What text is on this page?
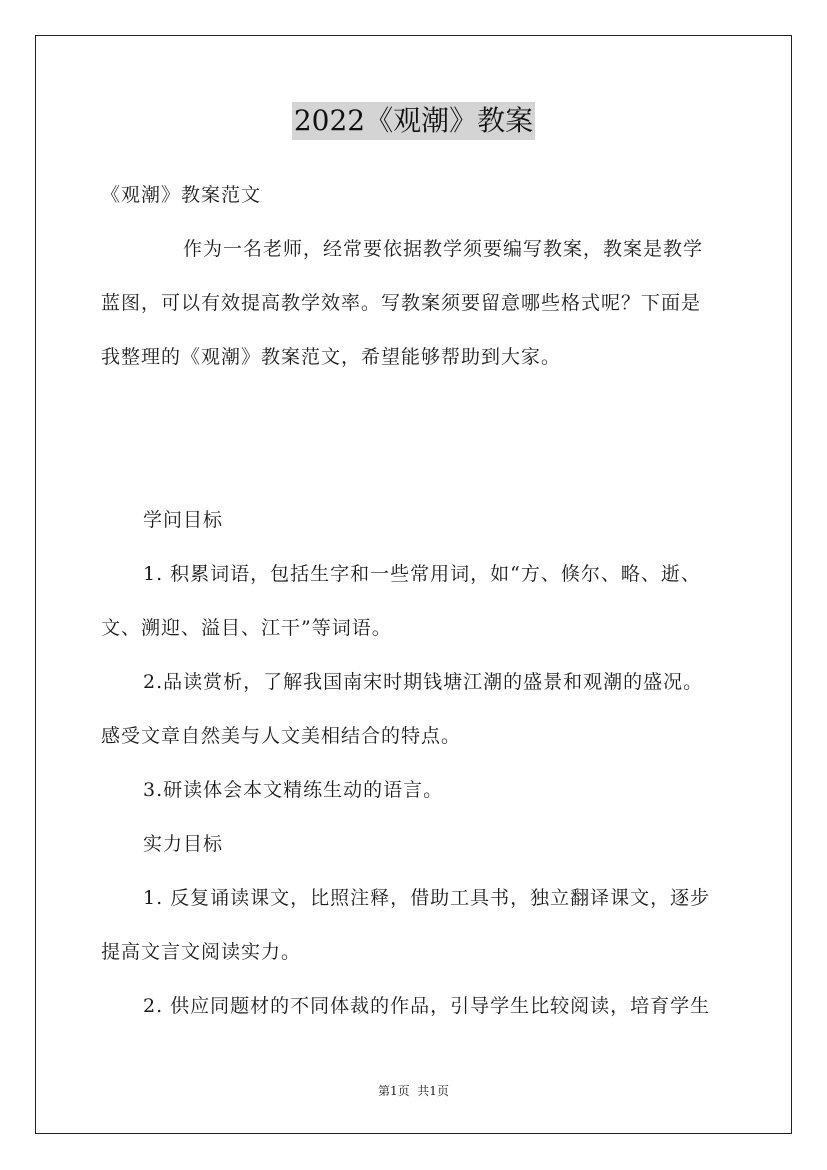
2022《观潮》教案
《观潮》教案范文
作为一名老师，经常要依据教学须要编写教案，教案是教学
蓝图，可以有效提高教学效率。写教案须要留意哪些格式呢？下面是
我整理的《观潮》教案范文，希望能够帮助到大家。
学问目标
1. 积累词语，包括生字和一些常用词，如“方、倏尔、略、逝、
文、溯迎、溢目、江干”等词语。
2.品读赏析，了解我国南宋时期钱塘江潮的盛景和观潮的盛况。
感受文章自然美与人文美相结合的特点。
3.研读体会本文精练生动的语言。
实力目标
1. 反复诵读课文，比照注释，借助工具书，独立翻译课文，逐步
提高文言文阅读实力。
2. 供应同题材的不同体裁的作品，引导学生比较阅读，培育学生
第1页  共1页
